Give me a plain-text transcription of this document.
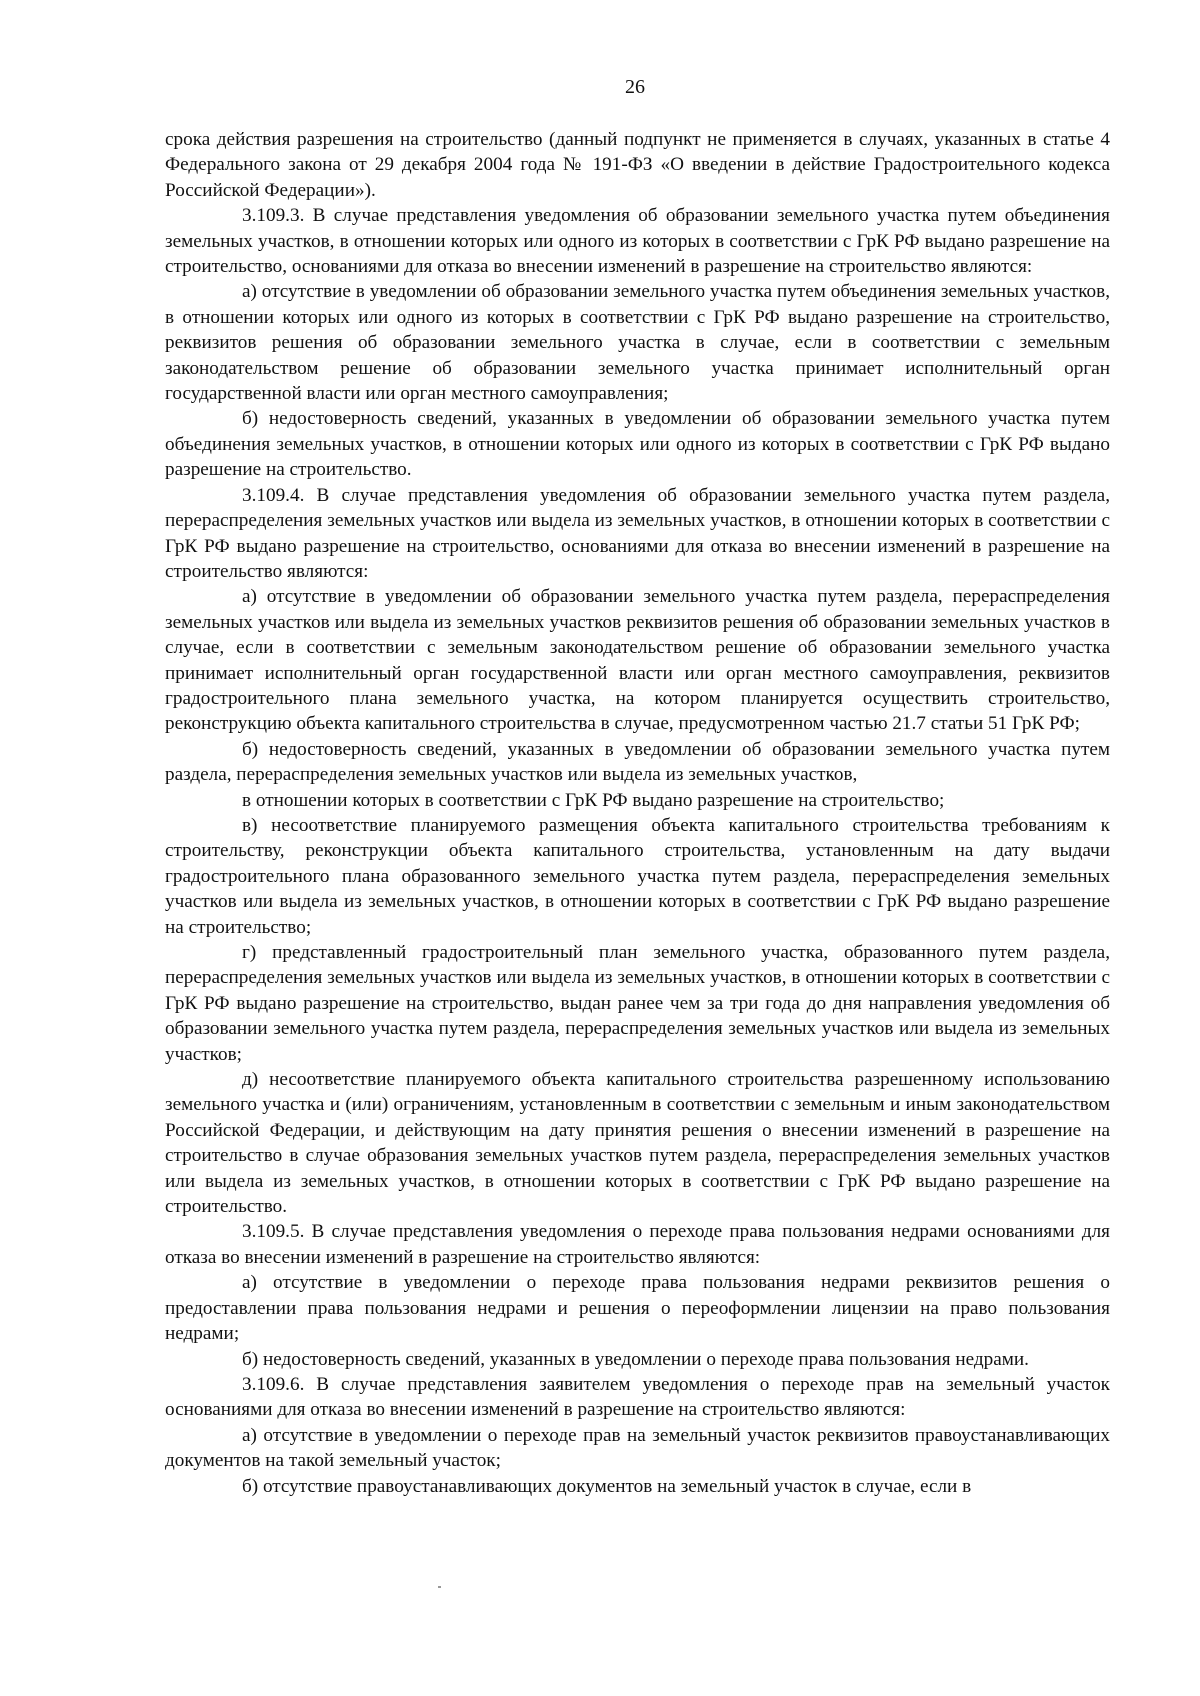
26

срока действия разрешения на строительство (данный подпункт не применяется в случаях, указанных в статье 4 Федерального закона от 29 декабря 2004 года № 191-ФЗ «О введении в действие Градостроительного кодекса Российской Федерации»).

3.109.3. В случае представления уведомления об образовании земельного участка путем объединения земельных участков, в отношении которых или одного из которых в соответствии с ГрК РФ выдано разрешение на строительство, основаниями для отказа во внесении изменений в разрешение на строительство являются:

а) отсутствие в уведомлении об образовании земельного участка путем объединения земельных участков, в отношении которых или одного из которых в соответствии с ГрК РФ выдано разрешение на строительство, реквизитов решения об образовании земельного участка в случае, если в соответствии с земельным законодательством решение об образовании земельного участка принимает исполнительный орган государственной власти или орган местного самоуправления;

б) недостоверность сведений, указанных в уведомлении об образовании земельного участка путем объединения земельных участков, в отношении которых или одного из которых в соответствии с ГрК РФ выдано разрешение на строительство.

3.109.4. В случае представления уведомления об образовании земельного участка путем раздела, перераспределения земельных участков или выдела из земельных участков, в отношении которых в соответствии с ГрК РФ выдано разрешение на строительство, основаниями для отказа во внесении изменений в разрешение на строительство являются:

а) отсутствие в уведомлении об образовании земельного участка путем раздела, перераспределения земельных участков или выдела из земельных участков реквизитов решения об образовании земельных участков в случае, если в соответствии с земельным законодательством решение об образовании земельного участка принимает исполнительный орган государственной власти или орган местного самоуправления, реквизитов градостроительного плана земельного участка, на котором планируется осуществить строительство, реконструкцию объекта капитального строительства в случае, предусмотренном частью 21.7 статьи 51 ГрК РФ;

б) недостоверность сведений, указанных в уведомлении об образовании земельного участка путем раздела, перераспределения земельных участков или выдела из земельных участков,

в отношении которых в соответствии с ГрК РФ выдано разрешение на строительство;

в) несоответствие планируемого размещения объекта капитального строительства требованиям к строительству, реконструкции объекта капитального строительства, установленным на дату выдачи градостроительного плана образованного земельного участка путем раздела, перераспределения земельных участков или выдела из земельных участков, в отношении которых в соответствии с ГрК РФ выдано разрешение на строительство;

г) представленный градостроительный план земельного участка, образованного путем раздела, перераспределения земельных участков или выдела из земельных участков, в отношении которых в соответствии с ГрК РФ выдано разрешение на строительство, выдан ранее чем за три года до дня направления уведомления об образовании земельного участка путем раздела, перераспределения земельных участков или выдела из земельных участков;

д) несоответствие планируемого объекта капитального строительства разрешенному использованию земельного участка и (или) ограничениям, установленным в соответствии с земельным и иным законодательством Российской Федерации, и действующим на дату принятия решения о внесении изменений в разрешение на строительство в случае образования земельных участков путем раздела, перераспределения земельных участков или выдела из земельных участков, в отношении которых в соответствии с ГрК РФ выдано разрешение на строительство.

3.109.5. В случае представления уведомления о переходе права пользования недрами основаниями для отказа во внесении изменений в разрешение на строительство являются:

а) отсутствие в уведомлении о переходе права пользования недрами реквизитов решения о предоставлении права пользования недрами и решения о переоформлении лицензии на право пользования недрами;

б) недостоверность сведений, указанных в уведомлении о переходе права пользования недрами.

3.109.6. В случае представления заявителем уведомления о переходе прав на земельный участок основаниями для отказа во внесении изменений в разрешение на строительство являются:

а) отсутствие в уведомлении о переходе прав на земельный участок реквизитов правоустанавливающих документов на такой земельный участок;

б) отсутствие правоустанавливающих документов на земельный участок в случае, если в
